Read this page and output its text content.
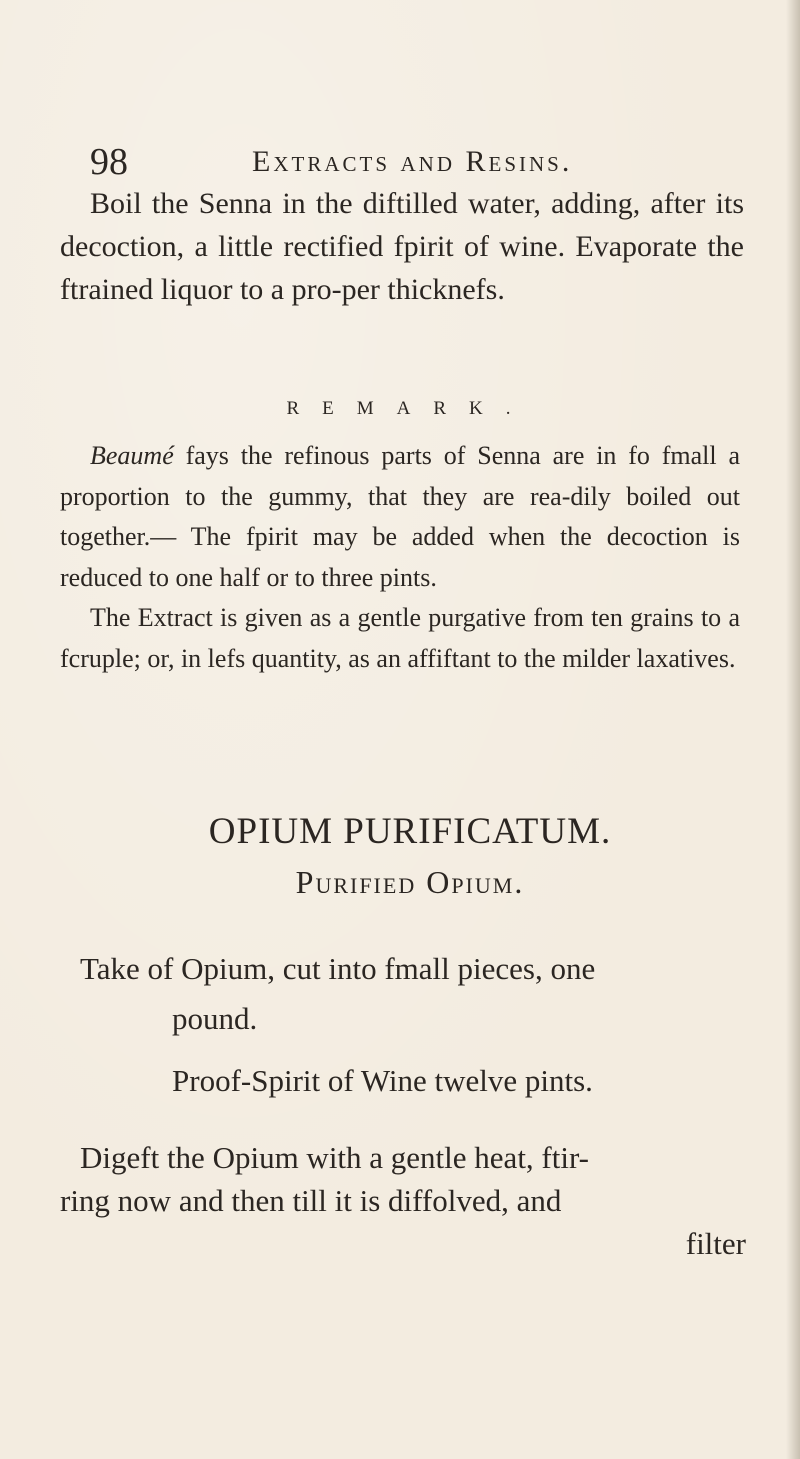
98	Extracts and Resins.

Boil the Senna in the diftilled water, adding, after its decoction, a little rectified fpirit of wine. Evaporate the ftrained liquor to a pro-per thicknefs.

REMARK.

Beaumé fays the refinous parts of Senna are in fo fmall a proportion to the gummy, that they are rea-dily boiled out together.— The fpirit may be added when the decoction is reduced to one half or to three pints.

The Extract is given as a gentle purgative from ten grains to a fcruple; or, in lefs quantity, as an affiftant to the milder laxatives.

OPIUM PURIFICATUM.
Purified Opium.

Take of Opium, cut into fmall pieces, one

pound.

Proof-Spirit of Wine twelve pints.

Digeft the Opium with a gentle heat, ftir-

ring now and then till it is diffolved, and

filter
